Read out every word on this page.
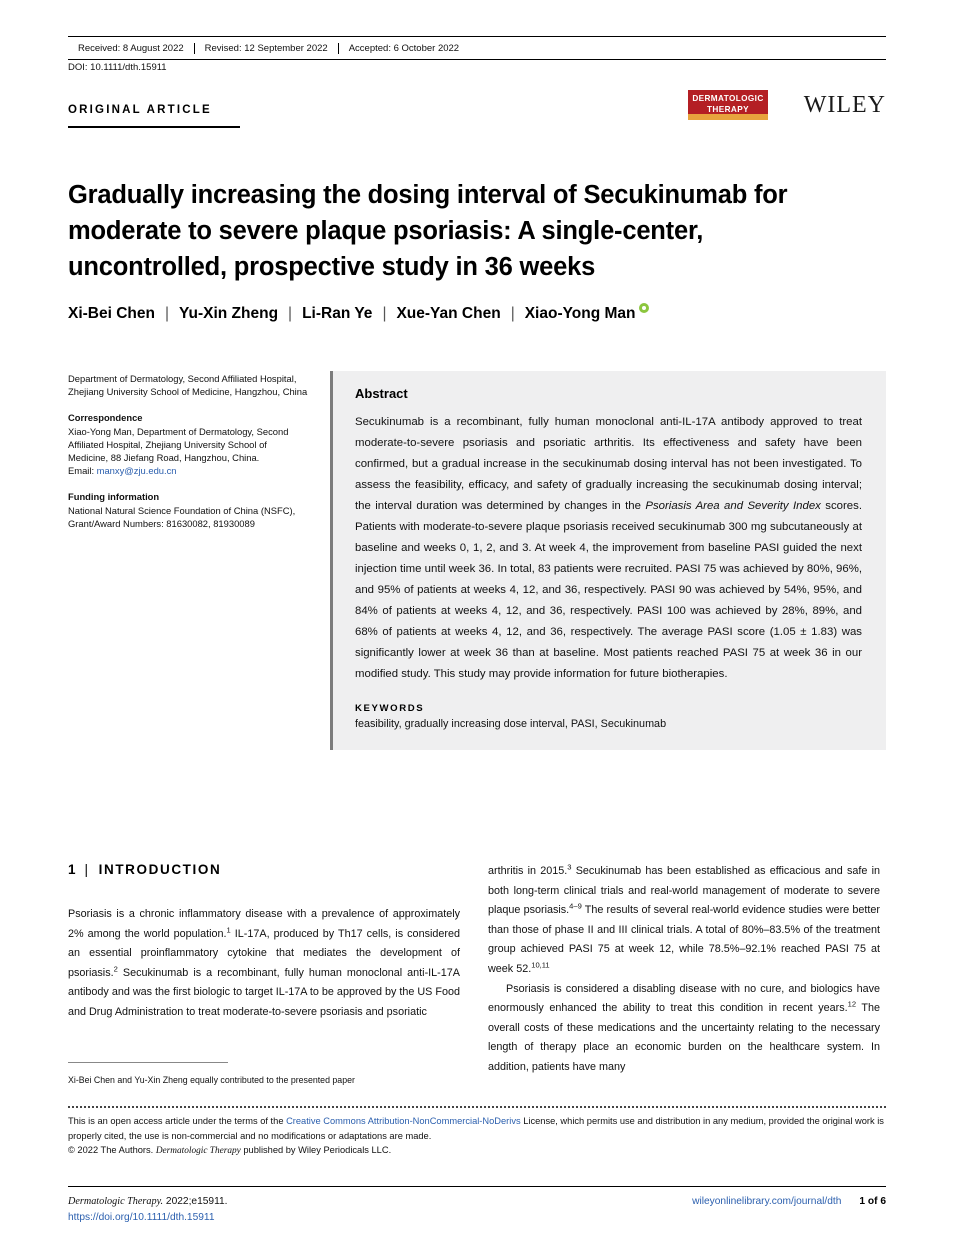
Received: 8 August 2022	Revised: 12 September 2022	Accepted: 6 October 2022
DOI: 10.1111/dth.15911
ORIGINAL ARTICLE
DERMATOLOGIC
THERAPY	WILEY
Gradually increasing the dosing interval of Secukinumab for moderate to severe plaque psoriasis: A single-center, uncontrolled, prospective study in 36 weeks
Xi-Bei Chen | Yu-Xin Zheng | Li-Ran Ye | Xue-Yan Chen | Xiao-Yong Man

Department of Dermatology, Second Affiliated Hospital, Zhejiang University School of Medicine, Hangzhou, China

Correspondence

Xiao-Yong Man, Department of Dermatology, Second Affiliated Hospital, Zhejiang University School of Medicine, 88 Jiefang Road, Hangzhou, China.

Email: manxy@zju.edu.cn

Funding information

National Natural Science Foundation of China (NSFC), Grant/Award Numbers: 81630082, 81930089

Abstract

Secukinumab is a recombinant, fully human monoclonal anti-IL-17A antibody approved to treat moderate-to-severe psoriasis and psoriatic arthritis. Its effectiveness and safety have been confirmed, but a gradual increase in the secukinumab dosing interval has not been investigated. To assess the feasibility, efficacy, and safety of gradually increasing the secukinumab dosing interval; the interval duration was determined by changes in the Psoriasis Area and Severity Index scores. Patients with moderate-to-severe plaque psoriasis received secukinumab 300 mg subcutaneously at baseline and weeks 0, 1, 2, and 3. At week 4, the improvement from baseline PASI guided the next injection time until week 36. In total, 83 patients were recruited. PASI 75 was achieved by 80%, 96%, and 95% of patients at weeks 4, 12, and 36, respectively. PASI 90 was achieved by 54%, 95%, and 84% of patients at weeks 4, 12, and 36, respectively. PASI 100 was achieved by 28%, 89%, and 68% of patients at weeks 4, 12, and 36, respectively. The average PASI score (1.05 ± 1.83) was significantly lower at week 36 than at baseline. Most patients reached PASI 75 at week 36 in our modified study. This study may provide information for future biotherapies.

KEYWORDS
feasibility, gradually increasing dose interval, PASI, Secukinumab
1 | INTRODUCTION

Psoriasis is a chronic inflammatory disease with a prevalence of approximately 2% among the world population.$^1$ IL-17A, produced by Th17 cells, is considered an essential proinflammatory cytokine that mediates the development of psoriasis.$^2$ Secukinumab is a recombinant, fully human monoclonal anti-IL-17A antibody and was the first biologic to target IL-17A to be approved by the US Food and Drug Administration to treat moderate-to-severe psoriasis and psoriatic

arthritis in 2015.$^3$ Secukinumab has been established as efficacious and safe in both long-term clinical trials and real-world management of moderate to severe plaque psoriasis.$^{4-9}$ The results of several real-world evidence studies were better than those of phase II and III clinical trials. A total of 80%–83.5% of the treatment group achieved PASI 75 at week 12, while 78.5%–92.1% reached PASI 75 at week 52.$^{10,11}$

Psoriasis is considered a disabling disease with no cure, and biologics have enormously enhanced the ability to treat this condition in recent years.$^{12}$ The overall costs of these medications and the uncertainty relating to the necessary length of therapy place an economic burden on the healthcare system. In addition, patients have many

Xi-Bei Chen and Yu-Xin Zheng equally contributed to the presented paper
This is an open access article under the terms of the Creative Commons Attribution-NonCommercial-NoDerivs License, which permits use and distribution in any medium, provided the original work is properly cited, the use is non-commercial and no modifications or adaptations are made.
© 2022 The Authors. Dermatologic Therapy published by Wiley Periodicals LLC.
Dermatologic Therapy. 2022;e15911.
https://doi.org/10.1111/dth.15911
wileyonlinelibrary.com/journal/dth 1 of 6
